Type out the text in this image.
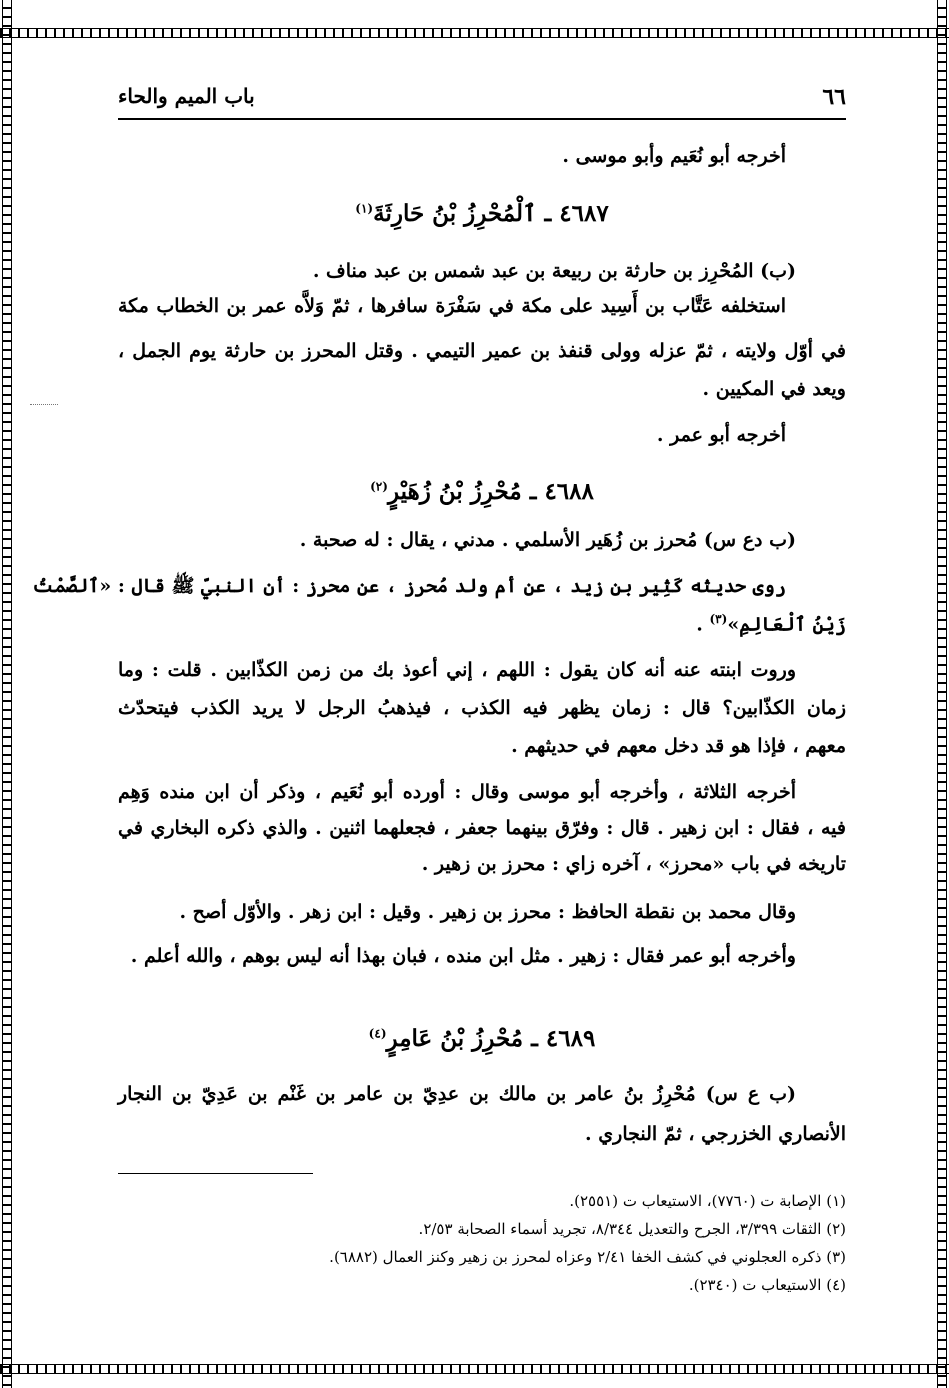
٦٦
باب الميم والحاء
أخرجه أبو نُعَيم وأبو موسى .
٤٦٨٧ ـ ٱلْمُحْرِزُ بْنُ حَارِثَةَ$^{(١)}$
(ب) المُحْرِز بن حارثة بن ربيعة بن عبد شمس بن عبد مناف .
استخلفه عَتَّاب بن أَسِيد على مكة في سَفْرَة سافرها ، ثمّ وَلاَّه عمر بن الخطاب مكة
في أوّل ولايته ، ثمّ عزله وولى قنفذ بن عمير التيمي . وقتل المحرز بن حارثة يوم الجمل ،
ويعد في المكيين .
أخرجه أبو عمر .
٤٦٨٨ ـ مُحْرِزُ بْنُ زُهَيْرٍ$^{(٢)}$
(ب دع س) مُحرز بن زُهَير الأسلمي . مدني ، يقال : له صحبة .
روى حديثه كَثِير بن زيد ، عن أم ولد مُحرز ، عن محرز : أن النبيّ ﷺ قال : «ٱلصَّمْتُ
زَيْنُ ٱلْعَالِمِ»$^{(٣)}$ .
وروت ابنته عنه أنه كان يقول : اللهم ، إني أعوذ بك من زمن الكذّابين . قلت : وما
زمان الكذّابين؟ قال : زمان يظهر فيه الكذب ، فيذهبُ الرجل لا يريد الكذب فيتحدّث
معهم ، فإذا هو قد دخل معهم في حديثهم .
أخرجه الثلاثة ، وأخرجه أبو موسى وقال : أورده أبو نُعَيم ، وذكر أن ابن منده وَهِم
فيه ، فقال : ابن زهير . قال : وفرّق بينهما جعفر ، فجعلهما اثنين . والذي ذكره البخاري في
تاريخه في باب «محرز» ، آخره زاي : محرز بن زهير .
وقال محمد بن نقطة الحافظ : محرز بن زهير . وقيل : ابن زهر . والأوّل أصح .
وأخرجه أبو عمر فقال : زهير . مثل ابن منده ، فبان بهذا أنه ليس بوهم ، والله أعلم .
٤٦٨٩ ـ مُحْرِزُ بْنُ عَامِرٍ$^{(٤)}$
(ب ع س) مُحْرِزُ بنُ عامر بن مالك بن عدِيّ بن عامر بن غَنْم بن عَدِيّ بن النجار
الأنصاري الخزرجي ، ثمّ النجاري .
(١) الإصابة ت (٧٧٦٠)، الاستيعاب ت (٢٥٥١).
(٢) الثقات ٣/٣٩٩، الجرح والتعديل ٨/٣٤٤، تجريد أسماء الصحابة ٢/٥٣.
(٣) ذكره العجلوني في كشف الخفا ٢/٤١ وعزاه لمحرز بن زهير وكنز العمال (٦٨٨٢).
(٤) الاستيعاب ت (٢٣٤٠).
